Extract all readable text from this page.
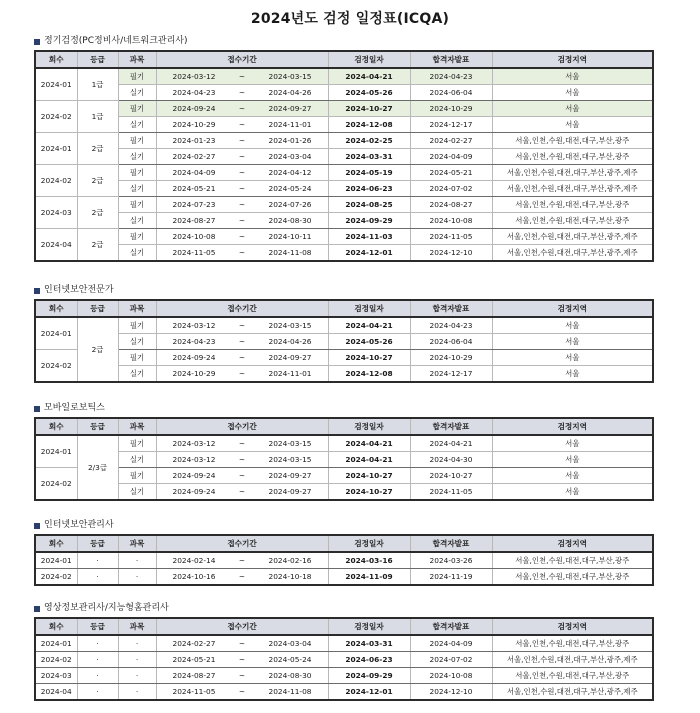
2024년도 검정 일정표(ICQA)
정기검정(PC정비사/네트워크관리사)
회수	등급	과목	접수기간	검정일자	합격자발표	검정지역
2024-01	1급	필기	2024-03-12 ~ 2024-03-15	2024-04-21	2024-04-23	서울
		실기	2024-04-23 ~ 2024-04-26	2024-05-26	2024-06-04	서울
2024-02	1급	필기	2024-09-24 ~ 2024-09-27	2024-10-27	2024-10-29	서울
		실기	2024-10-29 ~ 2024-11-01	2024-12-08	2024-12-17	서울
2024-01	2급	필기	2024-01-23 ~ 2024-01-26	2024-02-25	2024-02-27	서울,인천,수원,대전,대구,부산,광주
		실기	2024-02-27 ~ 2024-03-04	2024-03-31	2024-04-09	서울,인천,수원,대전,대구,부산,광주
2024-02	2급	필기	2024-04-09 ~ 2024-04-12	2024-05-19	2024-05-21	서울,인천,수원,대전,대구,부산,광주,제주
		실기	2024-05-21 ~ 2024-05-24	2024-06-23	2024-07-02	서울,인천,수원,대전,대구,부산,광주,제주
2024-03	2급	필기	2024-07-23 ~ 2024-07-26	2024-08-25	2024-08-27	서울,인천,수원,대전,대구,부산,광주
		실기	2024-08-27 ~ 2024-08-30	2024-09-29	2024-10-08	서울,인천,수원,대전,대구,부산,광주
2024-04	2급	필기	2024-10-08 ~ 2024-10-11	2024-11-03	2024-11-05	서울,인천,수원,대전,대구,부산,광주,제주
		실기	2024-11-05 ~ 2024-11-08	2024-12-01	2024-12-10	서울,인천,수원,대전,대구,부산,광주,제주
인터넷보안전문가
회수	등급	과목	접수기간	검정일자	합격자발표	검정지역
2024-01	2급	필기	2024-03-12 ~ 2024-03-15	2024-04-21	2024-04-23	서울
		실기	2024-04-23 ~ 2024-04-26	2024-05-26	2024-06-04	서울
2024-02		필기	2024-09-24 ~ 2024-09-27	2024-10-27	2024-10-29	서울
		실기	2024-10-29 ~ 2024-11-01	2024-12-08	2024-12-17	서울
모바일로보틱스
회수	등급	과목	접수기간	검정일자	합격자발표	검정지역
2024-01	2/3급	필기	2024-03-12 ~ 2024-03-15	2024-04-21	2024-04-21	서울
		실기	2024-03-12 ~ 2024-03-15	2024-04-21	2024-04-30	서울
2024-02		필기	2024-09-24 ~ 2024-09-27	2024-10-27	2024-10-27	서울
		실기	2024-09-24 ~ 2024-09-27	2024-10-27	2024-11-05	서울
인터넷보안관리사
회수	등급	과목	접수기간	검정일자	합격자발표	검정지역
2024-01	·	·	2024-02-14 ~ 2024-02-16	2024-03-16	2024-03-26	서울,인천,수원,대전,대구,부산,광주
2024-02	·	·	2024-10-16 ~ 2024-10-18	2024-11-09	2024-11-19	서울,인천,수원,대전,대구,부산,광주
영상정보관리사/지능형홈관리사
회수	등급	과목	접수기간	검정일자	합격자발표	검정지역
2024-01	·	·	2024-02-27 ~ 2024-03-04	2024-03-31	2024-04-09	서울,인천,수원,대전,대구,부산,광주
2024-02	·	·	2024-05-21 ~ 2024-05-24	2024-06-23	2024-07-02	서울,인천,수원,대전,대구,부산,광주,제주
2024-03	·	·	2024-08-27 ~ 2024-08-30	2024-09-29	2024-10-08	서울,인천,수원,대전,대구,부산,광주
2024-04	·	·	2024-11-05 ~ 2024-11-08	2024-12-01	2024-12-10	서울,인천,수원,대전,대구,부산,광주,제주
